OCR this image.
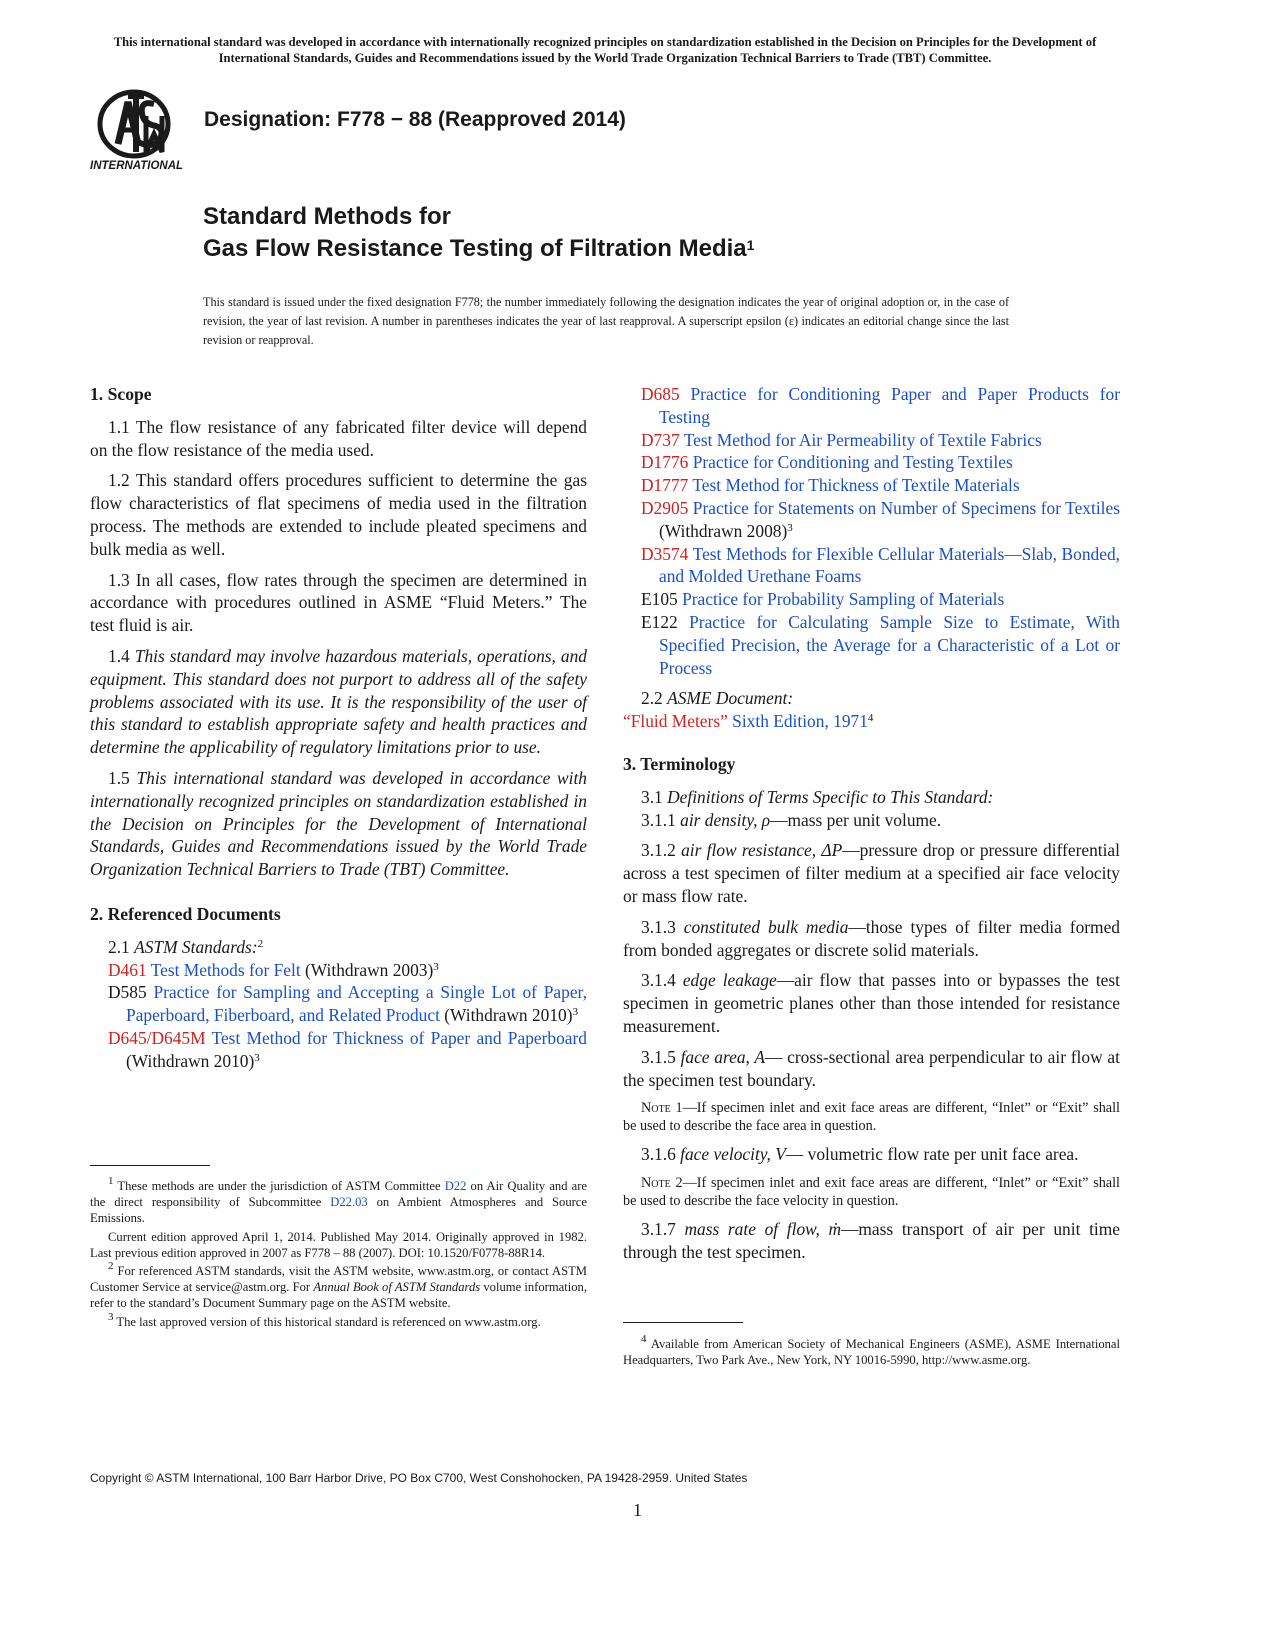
This international standard was developed in accordance with internationally recognized principles on standardization established in the Decision on Principles for the Development of International Standards, Guides and Recommendations issued by the World Trade Organization Technical Barriers to Trade (TBT) Committee.
INTERNATIONAL
Designation: F778 − 88 (Reapproved 2014)
Standard Methods for
Gas Flow Resistance Testing of Filtration Media$^1$
This standard is issued under the fixed designation F778; the number immediately following the designation indicates the year of original adoption or, in the case of revision, the year of last revision. A number in parentheses indicates the year of last reapproval. A superscript epsilon (ε) indicates an editorial change since the last revision or reapproval.
1. Scope

1.1 The flow resistance of any fabricated filter device will depend on the flow resistance of the media used.

1.2 This standard offers procedures sufficient to determine the gas flow characteristics of flat specimens of media used in the filtration process. The methods are extended to include pleated specimens and bulk media as well.

1.3 In all cases, flow rates through the specimen are determined in accordance with procedures outlined in ASME “Fluid Meters.” The test fluid is air.

1.4 This standard may involve hazardous materials, operations, and equipment. This standard does not purport to address all of the safety problems associated with its use. It is the responsibility of the user of this standard to establish appropriate safety and health practices and determine the applicability of regulatory limitations prior to use.

1.5 This international standard was developed in accordance with internationally recognized principles on standardization established in the Decision on Principles for the Development of International Standards, Guides and Recommendations issued by the World Trade Organization Technical Barriers to Trade (TBT) Committee.

2. Referenced Documents

2.1 ASTM Standards:$^2$

D461 Test Methods for Felt (Withdrawn 2003)$^3$
D585 Practice for Sampling and Accepting a Single Lot of Paper, Paperboard, Fiberboard, and Related Product (Withdrawn 2010)$^3$
D645/D645M Test Method for Thickness of Paper and Paperboard (Withdrawn 2010)$^3$

$^1$ These methods are under the jurisdiction of ASTM Committee D22 on Air Quality and are the direct responsibility of Subcommittee D22.03 on Ambient Atmospheres and Source Emissions.

Current edition approved April 1, 2014. Published May 2014. Originally approved in 1982. Last previous edition approved in 2007 as F778 – 88 (2007). DOI: 10.1520/F0778-88R14.

$^2$ For referenced ASTM standards, visit the ASTM website, www.astm.org, or contact ASTM Customer Service at service@astm.org. For Annual Book of ASTM Standards volume information, refer to the standard’s Document Summary page on the ASTM website.

$^3$ The last approved version of this historical standard is referenced on www.astm.org.

D685 Practice for Conditioning Paper and Paper Products for Testing
D737 Test Method for Air Permeability of Textile Fabrics
D1776 Practice for Conditioning and Testing Textiles
D1777 Test Method for Thickness of Textile Materials
D2905 Practice for Statements on Number of Specimens for Textiles (Withdrawn 2008)$^3$
D3574 Test Methods for Flexible Cellular Materials—Slab, Bonded, and Molded Urethane Foams
E105 Practice for Probability Sampling of Materials
E122 Practice for Calculating Sample Size to Estimate, With Specified Precision, the Average for a Characteristic of a Lot or Process

2.2 ASME Document:

“Fluid Meters” Sixth Edition, 1971$^4$

3. Terminology

3.1 Definitions of Terms Specific to This Standard:

3.1.1 air density, ρ—mass per unit volume.

3.1.2 air flow resistance, ΔP—pressure drop or pressure differential across a test specimen of filter medium at a specified air face velocity or mass flow rate.

3.1.3 constituted bulk media—those types of filter media formed from bonded aggregates or discrete solid materials.

3.1.4 edge leakage—air flow that passes into or bypasses the test specimen in geometric planes other than those intended for resistance measurement.

3.1.5 face area, A— cross-sectional area perpendicular to air flow at the specimen test boundary.

Note 1—If specimen inlet and exit face areas are different, “Inlet” or “Exit” shall be used to describe the face area in question.

3.1.6 face velocity, V— volumetric flow rate per unit face area.

Note 2—If specimen inlet and exit face areas are different, “Inlet” or “Exit” shall be used to describe the face velocity in question.

3.1.7 mass rate of flow, ṁ—mass transport of air per unit time through the test specimen.

$^4$ Available from American Society of Mechanical Engineers (ASME), ASME International Headquarters, Two Park Ave., New York, NY 10016-5990, http://www.asme.org.

Copyright © ASTM International, 100 Barr Harbor Drive, PO Box C700, West Conshohocken, PA 19428-2959. United States
1
